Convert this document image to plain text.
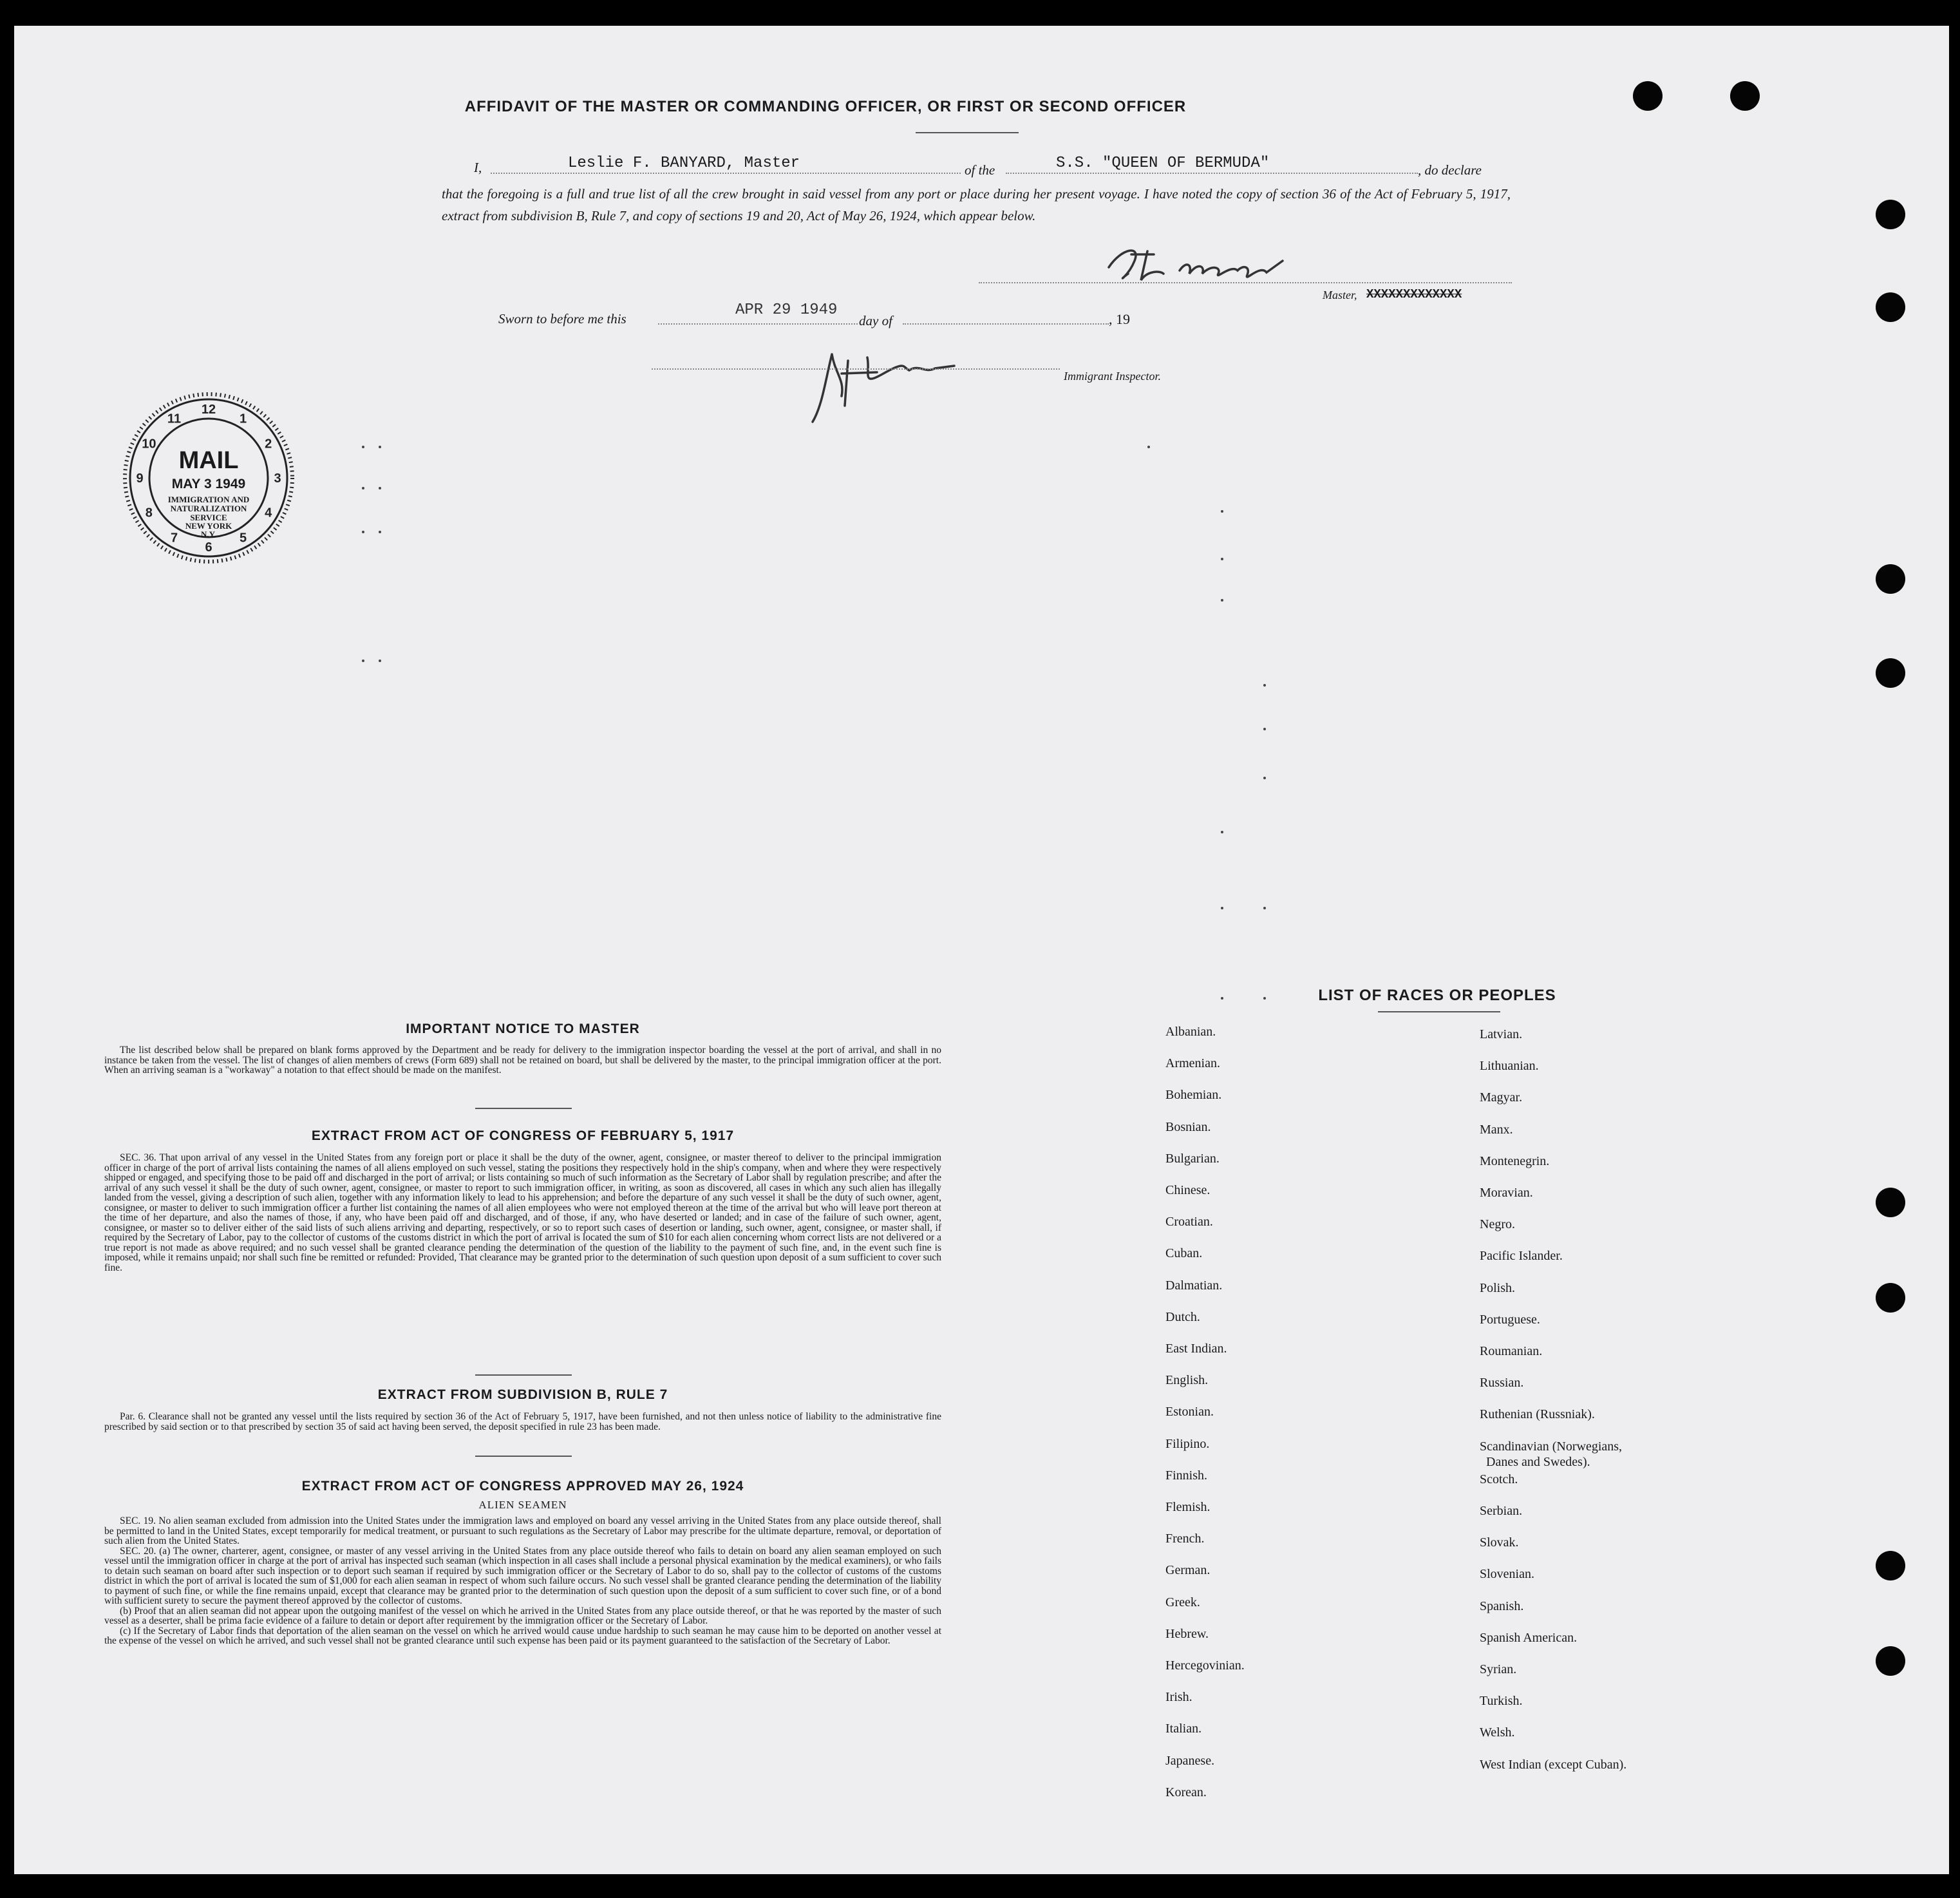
AFFIDAVIT OF THE MASTER OR COMMANDING OFFICER, OR FIRST OR SECOND OFFICER
I,	Leslie F. BANYARD, Master	of the	S.S. "QUEEN OF BERMUDA"	, do declare
that the foregoing is a full and true list of all the crew brought in said vessel from any port or place during her present voyage. I have noted the copy of section 36 of the Act of February 5, 1917, extract from subdivision B, Rule 7, and copy of sections 19 and 20, Act of May 26, 1924, which appear below.
Master, XXXXXXXXXXXXX
Sworn to before me this	APR 29 1949
day of	, 19
Immigrant Inspector.
12
1
2
3
4
5
6
7
8
9
10
11
MAIL
MAY 3 1949
IMMIGRATION AND
NATURALIZATION
SERVICE
NEW YORK
N.Y.
IMPORTANT NOTICE TO MASTER

The list described below shall be prepared on blank forms approved by the Department and be ready for delivery to the immigration inspector boarding the vessel at the port of arrival, and shall in no instance be taken from the vessel. The list of changes of alien members of crews (Form 689) shall not be retained on board, but shall be delivered by the master, to the principal immigration officer at the port. When an arriving seaman is a "workaway" a notation to that effect should be made on the manifest.

EXTRACT FROM ACT OF CONGRESS OF FEBRUARY 5, 1917

SEC. 36. That upon arrival of any vessel in the United States from any foreign port or place it shall be the duty of the owner, agent, consignee, or master thereof to deliver to the principal immigration officer in charge of the port of arrival lists containing the names of all aliens employed on such vessel, stating the positions they respectively hold in the ship's company, when and where they were respectively shipped or engaged, and specifying those to be paid off and discharged in the port of arrival; or lists containing so much of such information as the Secretary of Labor shall by regulation prescribe; and after the arrival of any such vessel it shall be the duty of such owner, agent, consignee, or master to report to such immigration officer, in writing, as soon as discovered, all cases in which any such alien has illegally landed from the vessel, giving a description of such alien, together with any information likely to lead to his apprehension; and before the departure of any such vessel it shall be the duty of such owner, agent, consignee, or master to deliver to such immigration officer a further list containing the names of all alien employees who were not employed thereon at the time of the arrival but who will leave port thereon at the time of her departure, and also the names of those, if any, who have been paid off and discharged, and of those, if any, who have deserted or landed; and in case of the failure of such owner, agent, consignee, or master so to deliver either of the said lists of such aliens arriving and departing, respectively, or so to report such cases of desertion or landing, such owner, agent, consignee, or master shall, if required by the Secretary of Labor, pay to the collector of customs of the customs district in which the port of arrival is located the sum of $10 for each alien concerning whom correct lists are not delivered or a true report is not made as above required; and no such vessel shall be granted clearance pending the determination of the question of the liability to the payment of such fine, and, in the event such fine is imposed, while it remains unpaid; nor shall such fine be remitted or refunded: Provided, That clearance may be granted prior to the determination of such question upon deposit of a sum sufficient to cover such fine.

EXTRACT FROM SUBDIVISION B, RULE 7

Par. 6. Clearance shall not be granted any vessel until the lists required by section 36 of the Act of February 5, 1917, have been furnished, and not then unless notice of liability to the administrative fine prescribed by said section or to that prescribed by section 35 of said act having been served, the deposit specified in rule 23 has been made.

EXTRACT FROM ACT OF CONGRESS APPROVED MAY 26, 1924
ALIEN SEAMEN

SEC. 19. No alien seaman excluded from admission into the United States under the immigration laws and employed on board any vessel arriving in the United States from any place outside thereof, shall be permitted to land in the United States, except temporarily for medical treatment, or pursuant to such regulations as the Secretary of Labor may prescribe for the ultimate departure, removal, or deportation of such alien from the United States.

SEC. 20. (a) The owner, charterer, agent, consignee, or master of any vessel arriving in the United States from any place outside thereof who fails to detain on board any alien seaman employed on such vessel until the immigration officer in charge at the port of arrival has inspected such seaman (which inspection in all cases shall include a personal physical examination by the medical examiners), or who fails to detain such seaman on board after such inspection or to deport such seaman if required by such immigration officer or the Secretary of Labor to do so, shall pay to the collector of customs of the customs district in which the port of arrival is located the sum of $1,000 for each alien seaman in respect of whom such failure occurs. No such vessel shall be granted clearance pending the determination of the liability to payment of such fine, or while the fine remains unpaid, except that clearance may be granted prior to the determination of such question upon the deposit of a sum sufficient to cover such fine, or of a bond with sufficient surety to secure the payment thereof approved by the collector of customs.

(b) Proof that an alien seaman did not appear upon the outgoing manifest of the vessel on which he arrived in the United States from any place outside thereof, or that he was reported by the master of such vessel as a deserter, shall be prima facie evidence of a failure to detain or deport after requirement by the immigration officer or the Secretary of Labor.

(c) If the Secretary of Labor finds that deportation of the alien seaman on the vessel on which he arrived would cause undue hardship to such seaman he may cause him to be deported on another vessel at the expense of the vessel on which he arrived, and such vessel shall not be granted clearance until such expense has been paid or its payment guaranteed to the satisfaction of the Secretary of Labor.

LIST OF RACES OR PEOPLES
Albanian.
Armenian.
Bohemian.
Bosnian.
Bulgarian.
Chinese.
Croatian.
Cuban.
Dalmatian.
Dutch.
East Indian.
English.
Estonian.
Filipino.
Finnish.
Flemish.
French.
German.
Greek.
Hebrew.
Hercegovinian.
Irish.
Italian.
Japanese.
Korean.
Latvian.
Lithuanian.
Magyar.
Manx.
Montenegrin.
Moravian.
Negro.
Pacific Islander.
Polish.
Portuguese.
Roumanian.
Russian.
Ruthenian (Russniak).
Scandinavian (Norwegians,
Danes and Swedes).
Scotch.
Serbian.
Slovak.
Slovenian.
Spanish.
Spanish American.
Syrian.
Turkish.
Welsh.
West Indian (except Cuban).
